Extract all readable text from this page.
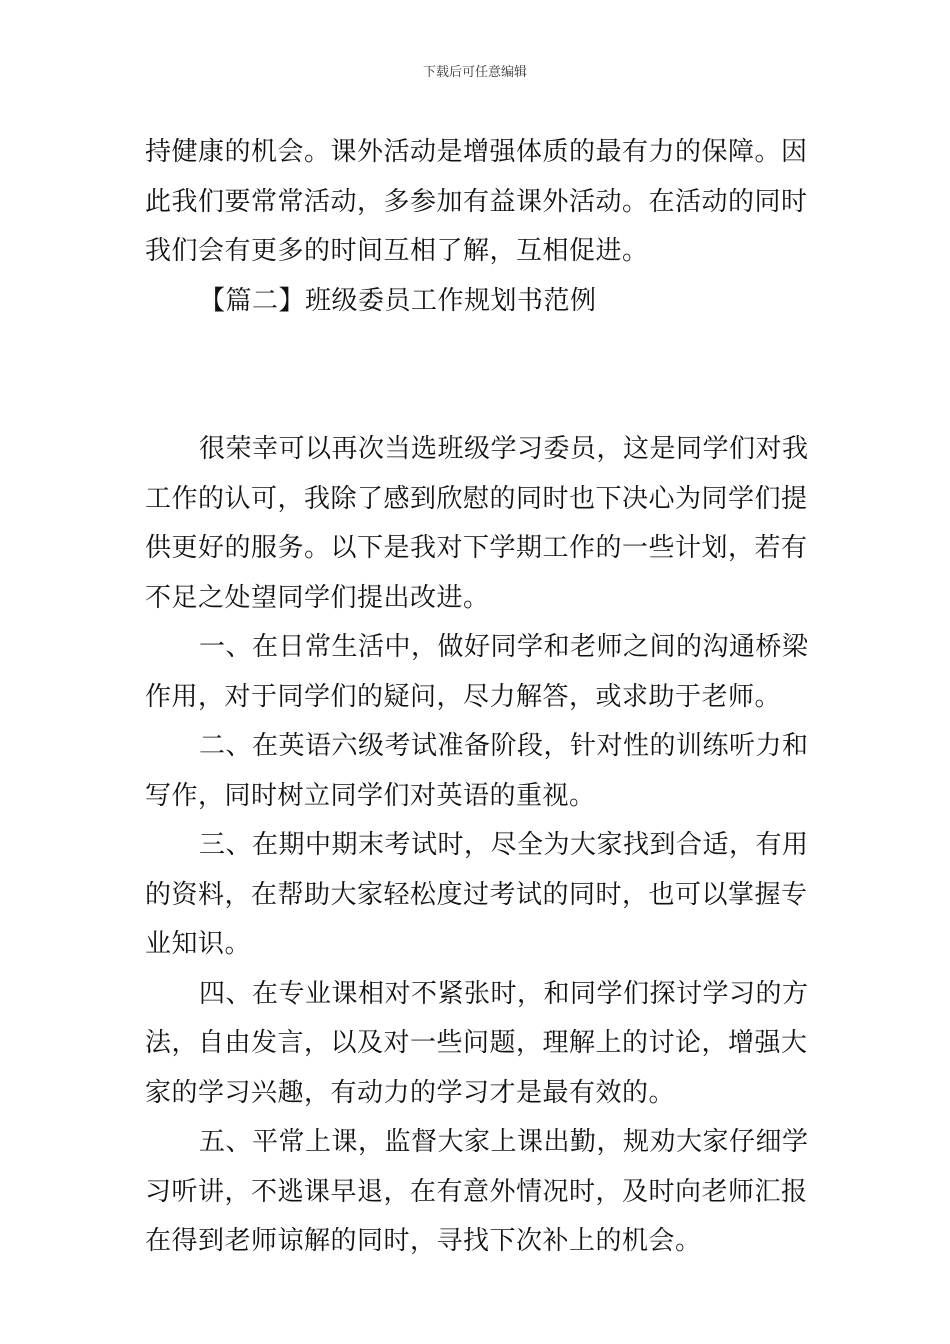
下载后可任意编辑

持健康的机会。课外活动是增强体质的最有力的保障。因此我们要常常活动，多参加有益课外活动。在活动的同时我们会有更多的时间互相了解，互相促进。

【篇二】班级委员工作规划书范例

很荣幸可以再次当选班级学习委员，这是同学们对我工作的认可，我除了感到欣慰的同时也下决心为同学们提供更好的服务。以下是我对下学期工作的一些计划，若有不足之处望同学们提出改进。

一、在日常生活中，做好同学和老师之间的沟通桥梁作用，对于同学们的疑问，尽力解答，或求助于老师。

二、在英语六级考试准备阶段，针对性的训练听力和写作，同时树立同学们对英语的重视。

三、在期中期末考试时，尽全为大家找到合适，有用的资料，在帮助大家轻松度过考试的同时，也可以掌握专业知识。

四、在专业课相对不紧张时，和同学们探讨学习的方法，自由发言，以及对一些问题，理解上的讨论，增强大家的学习兴趣，有动力的学习才是最有效的。

五、平常上课，监督大家上课出勤，规劝大家仔细学习听讲，不逃课早退，在有意外情况时，及时向老师汇报在得到老师谅解的同时，寻找下次补上的机会。
